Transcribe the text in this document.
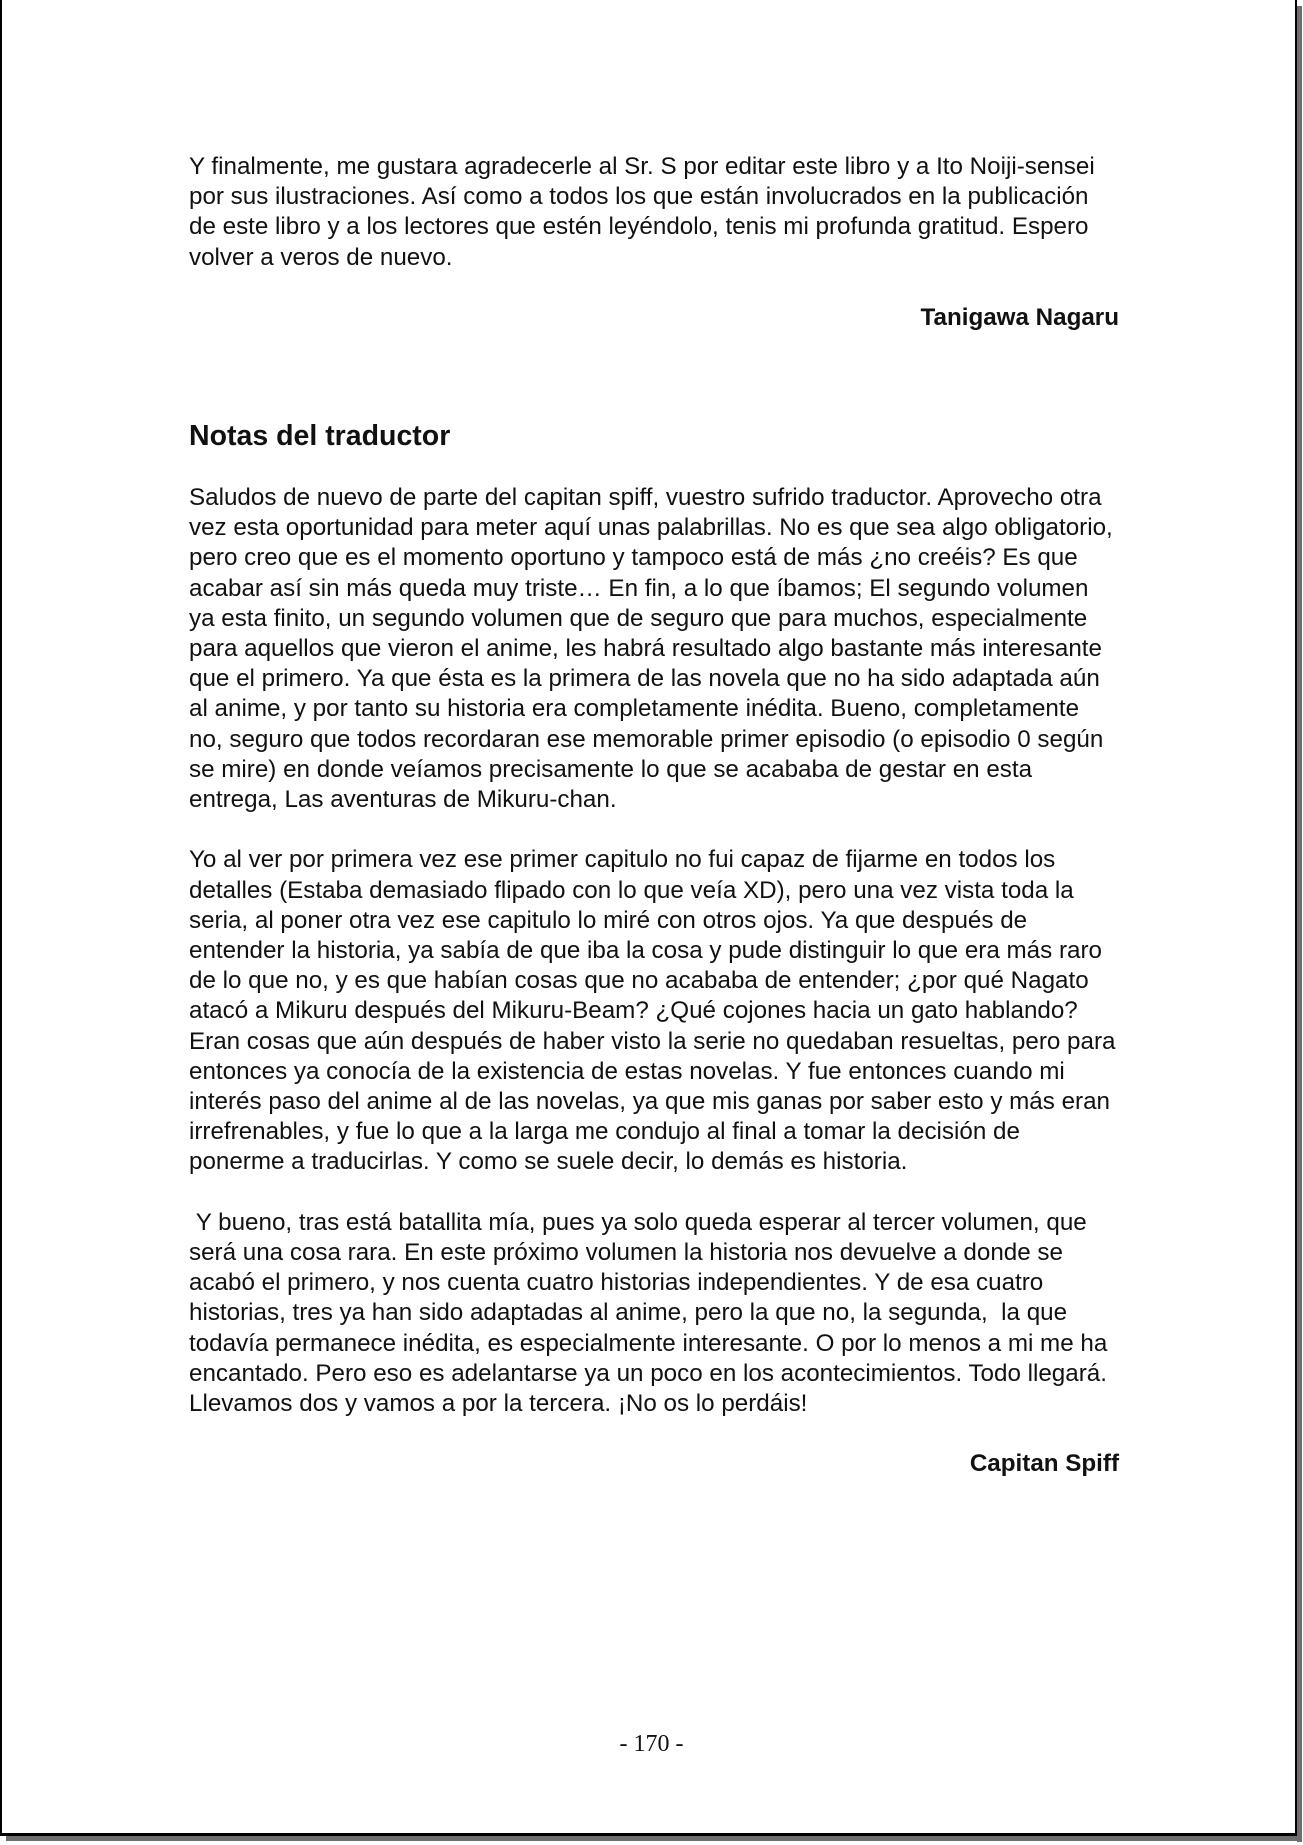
Y finalmente, me gustara agradecerle al Sr. S por editar este libro y a Ito Noiji-sensei por sus ilustraciones. Así como a todos los que están involucrados en la publicación de este libro y a los lectores que estén leyéndolo, tenis mi profunda gratitud. Espero volver a veros de nuevo.

Tanigawa Nagaru

Notas del traductor

Saludos de nuevo de parte del capitan spiff, vuestro sufrido traductor. Aprovecho otra vez esta oportunidad para meter aquí unas palabrillas. No es que sea algo obligatorio, pero creo que es el momento oportuno y tampoco está de más ¿no creéis? Es que acabar así sin más queda muy triste… En fin, a lo que íbamos; El segundo volumen ya esta finito, un segundo volumen que de seguro que para muchos, especialmente para aquellos que vieron el anime, les habrá resultado algo bastante más interesante que el primero. Ya que ésta es la primera de las novela que no ha sido adaptada aún al anime, y por tanto su historia era completamente inédita. Bueno, completamente no, seguro que todos recordaran ese memorable primer episodio (o episodio 0 según se mire) en donde veíamos precisamente lo que se acababa de gestar en esta entrega, Las aventuras de Mikuru-chan.

Yo al ver por primera vez ese primer capitulo no fui capaz de fijarme en todos los detalles (Estaba demasiado flipado con lo que veía XD), pero una vez vista toda la seria, al poner otra vez ese capitulo lo miré con otros ojos. Ya que después de entender la historia, ya sabía de que iba la cosa y pude distinguir lo que era más raro de lo que no, y es que habían cosas que no acababa de entender; ¿por qué Nagato atacó a Mikuru después del Mikuru-Beam? ¿Qué cojones hacia un gato hablando? Eran cosas que aún después de haber visto la serie no quedaban resueltas, pero para entonces ya conocía de la existencia de estas novelas. Y fue entonces cuando mi interés paso del anime al de las novelas, ya que mis ganas por saber esto y más eran irrefrenables, y fue lo que a la larga me condujo al final a tomar la decisión de ponerme a traducirlas. Y como se suele decir, lo demás es historia.

Y bueno, tras está batallita mía, pues ya solo queda esperar al tercer volumen, que será una cosa rara. En este próximo volumen la historia nos devuelve a donde se acabó el primero, y nos cuenta cuatro historias independientes. Y de esa cuatro historias, tres ya han sido adaptadas al anime, pero la que no, la segunda,  la que todavía permanece inédita, es especialmente interesante. O por lo menos a mi me ha encantado. Pero eso es adelantarse ya un poco en los acontecimientos. Todo llegará. Llevamos dos y vamos a por la tercera. ¡No os lo perdáis!

Capitan Spiff

- 170 -
